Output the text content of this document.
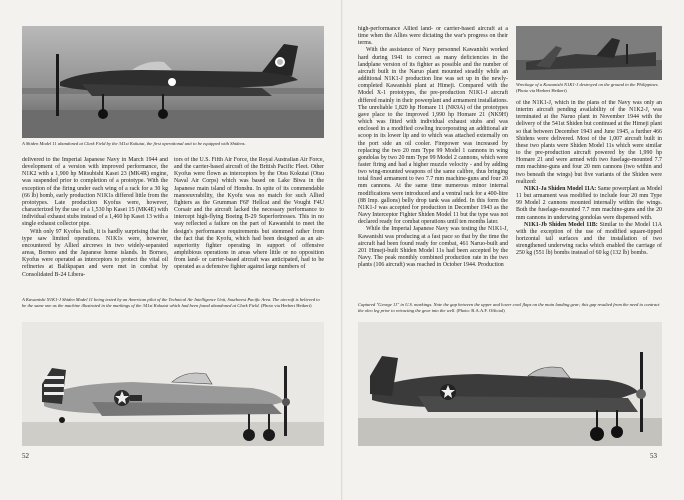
A Shiden Model 11 abandoned at Clark Field by the 341st Kokutai, the first operational unit to be equipped with Shidens.

delivered to the Imperial Japanese Navy in March 1944 and development of a version with improved performance, the N1K2 with a 1,900 hp Mitsubishi Kasei 23 (MK4R) engine, was suspended prior to completion of a prototype. With the exception of the firing under each wing of a rack for a 30 kg (66 lb) bomb, early production N1K1s differed little from the prototypes. Late production Kyofus were, however, characterized by the use of a 1,530 hp Kasei 15 (MK4E) with individual exhaust stubs instead of a 1,460 hp Kasei 13 with a single exhaust collector pipe.

With only 97 Kyofus built, it is hardly surprising that the type saw limited operations. N1K1s were, however, encountered by Allied aircrews in two widely-separated areas, Borneo and the Japanese home islands. In Borneo, Kyofus were operated as interceptors to protect the vital oil refineries at Balikpapan and were met in combat by Consolidated B-24 Libera-

tors of the U.S. Fifth Air Force, the Royal Australian Air Force, and the carrier-based aircraft of the British Pacific Fleet. Other Kyofus were flown as interceptors by the Otsu Kokutai (Otsu Naval Air Corps) which was based on Lake Biwa in the Japanese main island of Honshu. In spite of its commendable manoeuvrability, the Kyofu was no match for such Allied fighters as the Grumman F6F Hellcat and the Vought F4U Corsair and the aircraft lacked the necessary performance to intercept high-flying Boeing B-29 Superfortresses. This in no way reflected a failure on the part of Kawanishi to meet the design's performance requirements but stemmed rather from the fact that the Kyofu, which had been designed as an air-superiority fighter operating in support of offensive amphibious operations in areas where little or no opposition from land- or carrier-based aircraft was anticipated, had to be operated as a defensive fighter against large numbers of

A Kawanishi N1K1-J Shiden Model 11 being tested by an American pilot of the Technical Air Intelligence Unit, Southwest Pacific Area. The aircraft is believed to be the same one as the machine illustrated in the markings of the 341st Kokutai which had been found abandoned at Clark Field. (Photo via Herbert Heikert)
52

high-performance Allied land- or carrier-based aircraft at a time when the Allies were dictating the war's progress on their terms.

With the assistance of Navy personnel Kawanishi worked hard during 1941 to correct as many deficiencies in the landplane version of its fighter as possible and the number of aircraft built in the Naruo plant mounted steadily while an additional N1K1-J production line was set up in the newly-completed Kawanishi plant at Himeji. Compared with the Model X-1 prototypes, the pre-production N1K1-J aircraft differed mainly in their powerplant and armament installations. The unreliable 1,820 hp Homare 11 (NK9A) of the prototypes gave place to the improved 1,990 hp Homare 21 (NK9H) which was fitted with individual exhaust stubs and was enclosed in a modified cowling incorporating an additional air scoop in its lower lip and to which was attached externally on the port side an oil cooler. Firepower was increased by replacing the two 20 mm Type 99 Model 1 cannons in wing gondolas by two 20 mm Type 99 Model 2 cannons, which were faster firing and had a higher muzzle velocity - and by adding two wing-mounted weapons of the same calibre, thus bringing total fixed armament to two 7.7 mm machine-guns and four 20 mm cannons. At the same time numerous minor internal modifications were introduced and a ventral rack for a 400-litre (88 Imp. gallons) belly drop tank was added. In this form the N1K1-J was accepted for production in December 1943 as the Navy Interceptor Fighter Shiden Model 11 but the type was not declared ready for combat operations until ten months later.

While the Imperial Japanese Navy was testing the N1K1-J, Kawanishi was producing at a fast pace so that by the time the aircraft had been found ready for combat, 461 Naruo-built and 201 Himeji-built Shiden Model 11s had been accepted by the Navy. The peak monthly combined production rate in the two plants (106 aircraft) was reached in October 1944. Production

Wreckage of a Kawanishi N1K1-J destroyed on the ground in the Philippines. (Photo via Herbert Heikert)

of the N1K1-J, which in the plans of the Navy was only an interim aircraft pending availability of the N1K2-J, was terminated at the Naruo plant in November 1944 with the delivery of the 541st Shiden but continued at the Himeji plant so that between December 1943 and June 1945, a further 466 Shidens were delivered. Most of the 1,007 aircraft built in these two plants were Shiden Model 11s which were similar to the pre-production aircraft powered by the 1,990 hp Homare 21 and were armed with two fuselage-mounted 7.7 mm machine-guns and four 20 mm cannons (two within and two beneath the wings) but five variants of the Shiden were realized:

N1K1-Ja Shiden Model 11A: Same powerplant as Model 11 but armament was modified to include four 20 mm Type 99 Model 2 cannons mounted internally within the wings. Both the fuselage-mounted 7.7 mm machine-guns and the 20 mm cannons in underwing gondolas were dispensed with.

N1K1-Jb Shiden Model 11B: Similar to the Model 11A with the exception of the use of modified square-tipped horizontal tail surfaces and the installation of two strengthened underwing racks which enabled the carriage of 250 kg (551 lb) bombs instead of 60 kg (132 lb) bombs.

Captured "George 11" in U.S. markings. Note the gap between the upper and lower cowl flaps on the main landing gear; this gap resulted from the need to contract the oleo leg prior to retracting the gear into the well. (Photo: R.A.A.F. Official)
53
